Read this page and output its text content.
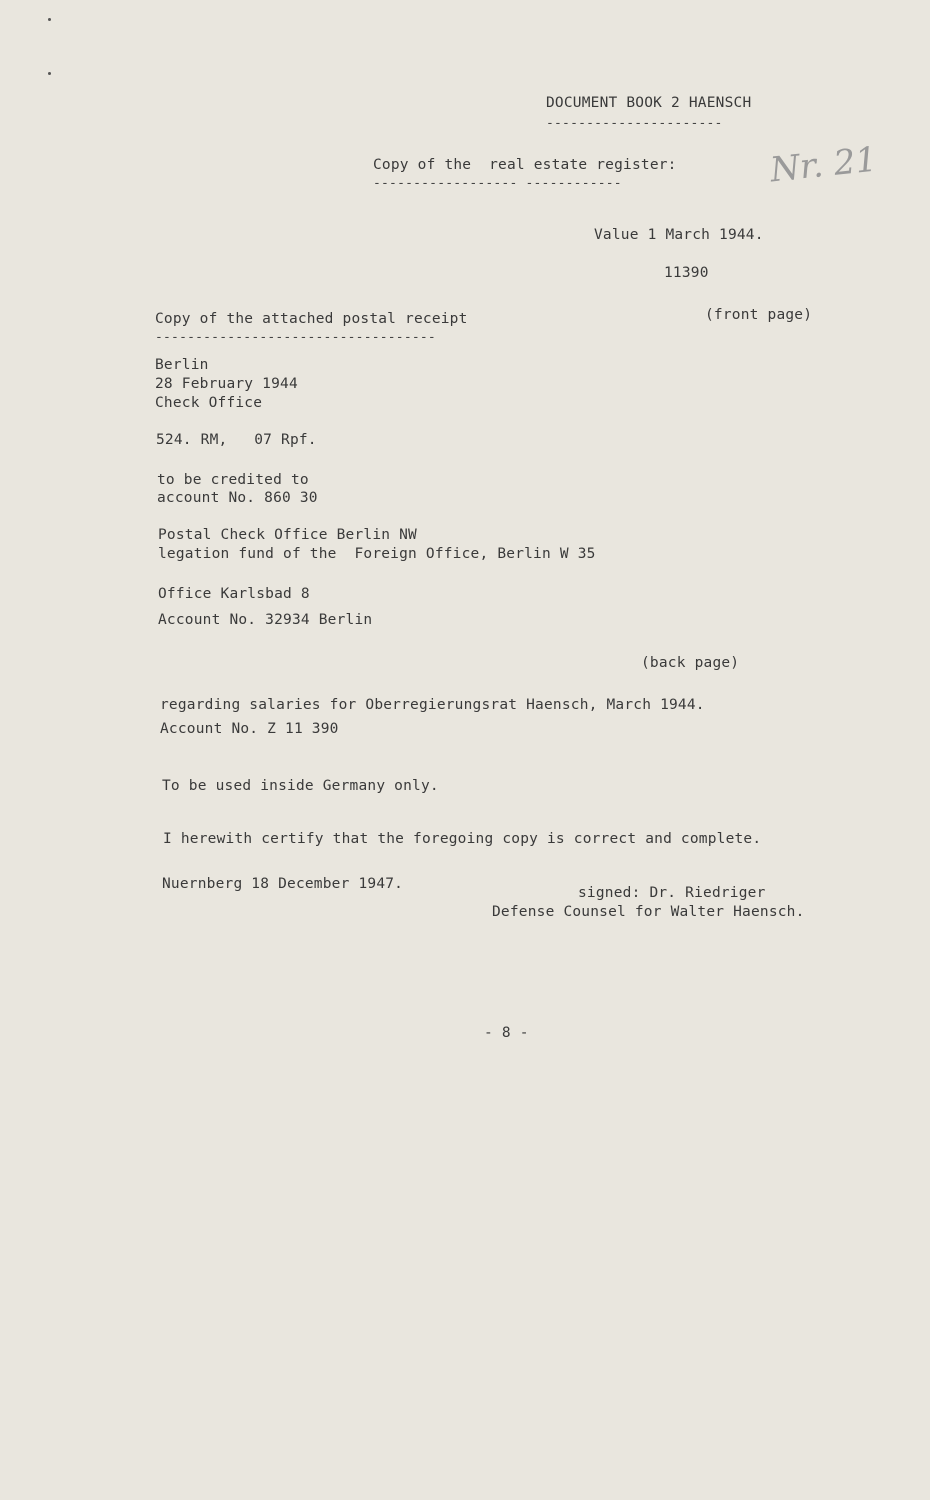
DOCUMENT BOOK 2 HAENSCH
----------------------
Copy of the  real estate register:
------------------ ------------	Nr. 21
Value 1 March 1944.
11390
Copy of the attached postal receipt
-----------------------------------
(front page)
Berlin
28 February 1944
Check Office
524. RM,   07 Rpf.
to be credited to
account No. 860 30
Postal Check Office Berlin NW
legation fund of the  Foreign Office, Berlin W 35
Office Karlsbad 8
Account No. 32934 Berlin
(back page)
regarding salaries for Oberregierungsrat Haensch, March 1944.
Account No. Z 11 390
To be used inside Germany only.
I herewith certify that the foregoing copy is correct and complete.
Nuernberg 18 December 1947.
signed: Dr. Riedriger
Defense Counsel for Walter Haensch.
- 8 -
